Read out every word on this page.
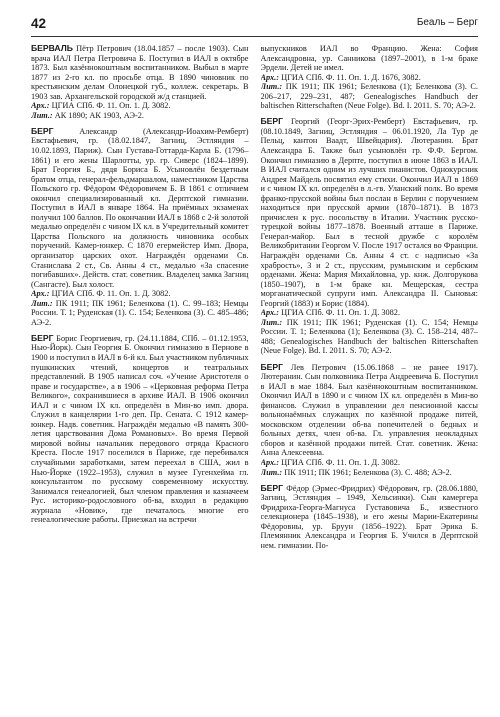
42	Беаль – Берг

БЕРВАЛЬ Пётр Петрович (18.04.1857 – после 1903). Сын врача ИАЛ Петра Петровича Б. Поступил в ИАЛ в октябре 1873. Был казённокоштным воспитанником. Выбыл в марте 1877 из 2-го кл. по просьбе отца. В 1890 чиновник по крестьянским делам Олонецкой губ., коллеж. секретарь. В 1903 зав. Архангельской городской ж/д станцией.

Арх.: ЦГИА СПб. Ф. 11. Оп. 1. Д. 3082.

Лит.: АК 1890; АК 1903, АЭ-2.

БЕРГ Александр (Александр-Иоахим-Ремберт) Евстафьевич, гр. (18.02.1847, Загниц, Эстляндия – 10.02.1893, Париж). Сын Густава-Готтарда-Карла Б. (1796–1861) и его жены Шарлотты, ур. гр. Сиверс (1824–1899). Брат Георгия Б., дядя Бориса Б. Усыновлён бездетным братом отца, генерал-фельдмаршалом, наместником Царства Польского гр. Фёдором Фёдоровичем Б. В 1861 с отличием окончил специализированный кл. Дерптской гимназии. Поступил в ИАЛ в январе 1864. На приёмных экзаменах получил 100 баллов. По окончании ИАЛ в 1868 с 2-й золотой медалью определён с чином IX кл. в Учредительный комитет Царства Польского на должность чиновника особых поручений. Камер-юнкер. С 1870 егермейстер Имп. Двора, организатор царских охот. Награждён орденами Св. Станислава 2 ст., Св. Анны 4 ст., медалью «За спасение погибавших». Действ. стат. советник. Владелец замка Загниц (Сангасте). Был холост.

Арх.: ЦГИА СПб. Ф. 11. Оп. 1. Д. 3082.

Лит.: ПК 1911; ПК 1961; Беленкова (1). С. 99–183; Немцы России. Т. 1; Руденская (1). С. 154; Беленкова (3). С. 485–486; АЭ-2.

БЕРГ Борис Георгиевич, гр. (24.11.1884, СПб. – 01.12.1953, Нью-Йорк). Сын Георгия Б. Окончил гимназию в Пернове в 1900 и поступил в ИАЛ в 6-й кл. Был участником публичных пушкинских чтений, концертов и театральных представлений. В 1905 написал соч. «Учение Аристотеля о праве и государстве», а в 1906 – «Церковная реформа Петра Великого», сохранившиеся в архиве ИАЛ. В 1906 окончил ИАЛ и с чином IX кл. определён в Мин-во имп. двора. Служил в канцелярии 1-го деп. Пр. Сената. С 1912 камер-юнкер. Надв. советник. Награждён медалью «В память 300-летия царствования Дома Романовых». Во время Первой мировой войны начальник передового отряда Красного Креста. После 1917 поселился в Париже, где перебивался случайными заработками, затем переехал в США, жил в Нью-Йорке (1922–1953), служил в музее Гугенхейма гл. консультантом по русскому современному искусству. Занимался генеалогией, был членом правления и казначеем Рус. историко-родословного об-ва, входил в редакцию журнала «Новик», где печаталось многие его генеалогические работы. Приезжал на встречи

выпускников ИАЛ во Францию. Жена: София Александровна, ур. Санникова (1897–2001), в 1-м браке Эрдели. Детей не имел.

Арх.: ЦГИА СПб. Ф. 11. Оп. 1. Д. 1676, 3082.

Лит.: ПК 1911; ПК 1961; Беленкова (1); Беленкова (3). С. 206–217, 229–231, 487; Genealogisches Handbuch der baltischen Ritterschaften (Neue Folge). Bd. I. 2011. S. 70; АЭ-2.

БЕРГ Георгий (Георг-Эрих-Ремберт) Евстафьевич, гр. (08.10.1849, Загниц, Эстляндия – 06.01.1920, Ла Тур де Пельц, кантон Ваадт, Швейцария). Лютеранин. Брат Александра Б. Также был усыновлён гр. Ф.Ф. Бергом. Окончил гимназию в Дерпте, поступил в июне 1863 в ИАЛ. В ИАЛ считался одним из лучших пианистов. Однокурсник Андрея Майдель посвятил ему стихи. Окончил ИАЛ в 1869 и с чином IX кл. определён в л.-гв. Уланский полк. Во время франко-прусской войны был послан в Берлин с поручением находиться при прусской армии (1870–1871). В 1873 причислен к рус. посольству в Италии. Участник русско-турецкой войны 1877–1878. Военный атташе в Париже. Генерал-майор. Был в тесной дружбе с королём Великобритании Георгом V. После 1917 остался во Франции. Награждён орденами Св. Анны 4 ст. с надписью «За храбрость», 3 и 2 ст., прусским, румынским и сербским орденами. Жена: Мария Михайловна, ур. кнж. Долгорукова (1850–1907), в 1-м браке кн. Мещерская, сестра морганатической супруги имп. Александра II. Сыновья: Георгий (1883) и Борис (1884).

Арх.: ЦГИА СПб. Ф. 11. Оп. 1. Д. 3082.

Лит.: ПК 1911; ПК 1961; Руденская (1). С. 154; Немцы России. Т. 1; Беленкова (1); Беленкова (3). С. 158–214, 487–488; Genealogisches Handbuch der baltischen Ritterschaften (Neue Folge). Bd. I. 2011. S. 70; АЭ-2.

БЕРГ Лев Петрович (15.06.1868 – не ранее 1917). Лютеранин. Сын полковника Петра Андреевича Б. Поступил в ИАЛ в мае 1884. Был казённокоштным воспитанником. Окончил ИАЛ в 1890 и с чином IX кл. определён в Мин-во финансов. Служил в управлении дел пенсионной кассы вольнонаёмных служащих по казённой продаже питей, московском отделении об-ва попечителей о бедных и больных детях, член об-ва. Гл. управления неокладных сборов и казённой продажи питей. Стат. советник. Жена: Анна Алексеевна.

Арх.: ЦГИА СПб. Ф. 11. Оп. 1. Д. 3082.

Лит.: ПК 1911; ПК 1961; Беленкова (3). С. 488; АЭ-2.

БЕРГ Фёдор (Эрмес-Фридрих) Фёдорович, гр. (28.06.1880, Загниц, Эстляндия – 1949, Хельсинки). Сын камергера Фридриха-Георга-Магнуса Густавовича Б., известного селекционера (1845–1938), и его жены Марии-Екатерины Фёдоровны, ур. Бруун (1856–1922). Брат Эрика Б. Племянник Александра и Георгия Б. Учился в Дерптской нем. гимназии. По-
